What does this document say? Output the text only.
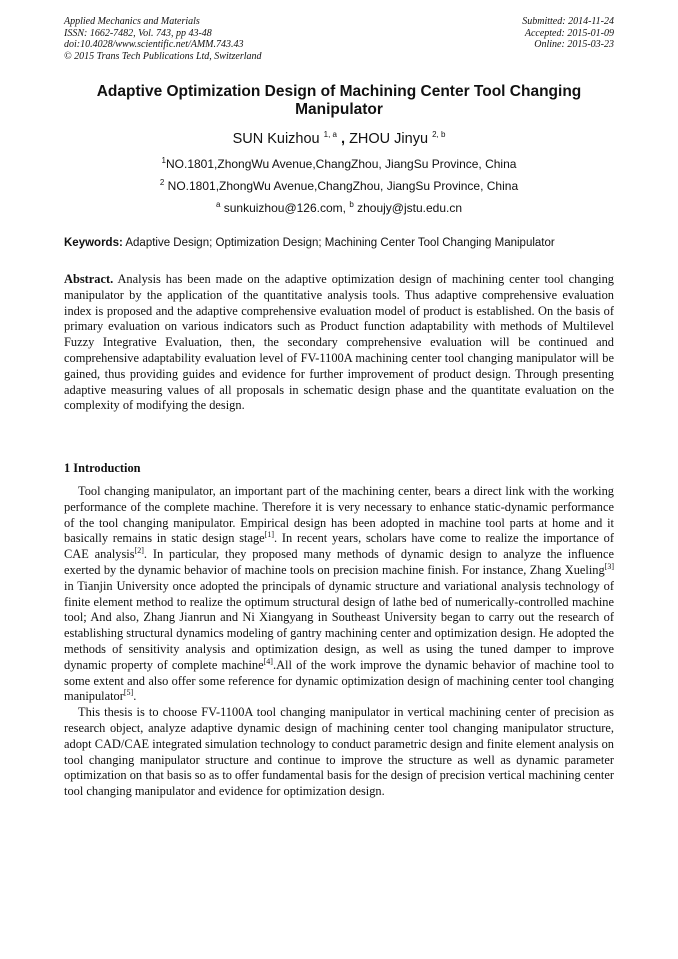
Applied Mechanics and Materials
ISSN: 1662-7482, Vol. 743, pp 43-48
doi:10.4028/www.scientific.net/AMM.743.43
© 2015 Trans Tech Publications Ltd, Switzerland
Submitted: 2014-11-24
Accepted: 2015-01-09
Online: 2015-03-23
Adaptive Optimization Design of Machining Center Tool Changing Manipulator
SUN Kuizhou $^{1, a}$ , ZHOU Jinyu $^{2, b}$
$^1$NO.1801,ZhongWu Avenue,ChangZhou, JiangSu Province, China
$^2$ NO.1801,ZhongWu Avenue,ChangZhou, JiangSu Province, China
$^a$ sunkuizhou@126.com, $^b$ zhoujy@jstu.edu.cn
Keywords: Adaptive Design; Optimization Design; Machining Center Tool Changing Manipulator
Abstract. Analysis has been made on the adaptive optimization design of machining center tool changing manipulator by the application of the quantitative analysis tools. Thus adaptive comprehensive evaluation index is proposed and the adaptive comprehensive evaluation model of product is established. On the basis of primary evaluation on various indicators such as Product function adaptability with methods of Multilevel Fuzzy Integrative Evaluation, then, the secondary comprehensive evaluation will be continued and comprehensive adaptability evaluation level of FV-1100A machining center tool changing manipulator will be gained, thus providing guides and evidence for further improvement of product design. Through presenting adaptive measuring values of all proposals in schematic design phase and the quantitate evaluation on the complexity of modifying the design.
1 Introduction

Tool changing manipulator, an important part of the machining center, bears a direct link with the working performance of the complete machine. Therefore it is very necessary to enhance static-dynamic performance of the tool changing manipulator. Empirical design has been adopted in machine tool parts at home and it basically remains in static design stage[1]. In recent years, scholars have come to realize the importance of CAE analysis[2]. In particular, they proposed many methods of dynamic design to analyze the influence exerted by the dynamic behavior of machine tools on precision machine finish. For instance, Zhang Xueling[3] in Tianjin University once adopted the principals of dynamic structure and variational analysis technology of finite element method to realize the optimum structural design of lathe bed of numerically-controlled machine tool; And also, Zhang Jianrun and Ni Xiangyang in Southeast University began to carry out the research of establishing structural dynamics modeling of gantry machining center and optimization design. He adopted the methods of sensitivity analysis and optimization design, as well as using the tuned damper to improve dynamic property of complete machine[4].All of the work improve the dynamic behavior of machine tool to some extent and also offer some reference for dynamic optimization design of machining center tool changing manipulator[5].

This thesis is to choose FV-1100A tool changing manipulator in vertical machining center of precision as research object, analyze adaptive dynamic design of machining center tool changing manipulator structure, adopt CAD/CAE integrated simulation technology to conduct parametric design and finite element analysis on tool changing manipulator structure and continue to improve the structure as well as dynamic parameter optimization on that basis so as to offer fundamental basis for the design of precision vertical machining center tool changing manipulator and evidence for optimization design.
